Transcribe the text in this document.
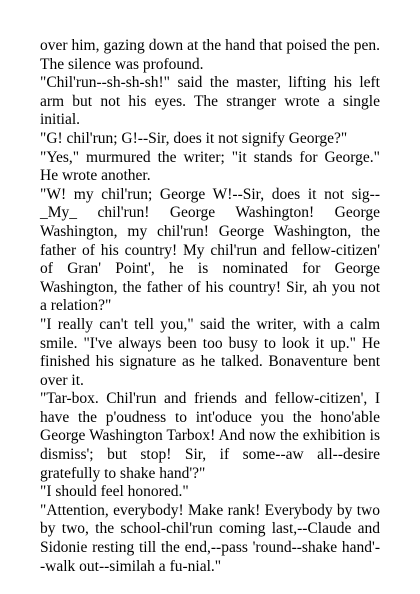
over him, gazing down at the hand that poised the pen. The silence was profound.

"Chil'run--sh-sh-sh!" said the master, lifting his left arm but not his eyes. The stranger wrote a single initial.

"G! chil'run; G!--Sir, does it not signify George?"

"Yes," murmured the writer; "it stands for George." He wrote another.

"W! my chil'run; George W!--Sir, does it not sig--_My_ chil'run! George Washington! George Washington, my chil'run! George Washington, the father of his country! My chil'run and fellow-citizen' of Gran' Point', he is nominated for George Washington, the father of his country! Sir, ah you not a relation?"

"I really can't tell you," said the writer, with a calm smile. "I've always been too busy to look it up." He finished his signature as he talked. Bonaventure bent over it.

"Tar-box. Chil'run and friends and fellow-citizen', I have the p'oudness to int'oduce you the hono'able George Washington Tarbox! And now the exhibition is dismiss'; but stop! Sir, if some--aw all--desire gratefully to shake hand'?"

"I should feel honored."

"Attention, everybody! Make rank! Everybody by two by two, the school-chil'run coming last,--Claude and Sidonie resting till the end,--pass 'round--shake hand'--walk out--similah a fu-nial."
